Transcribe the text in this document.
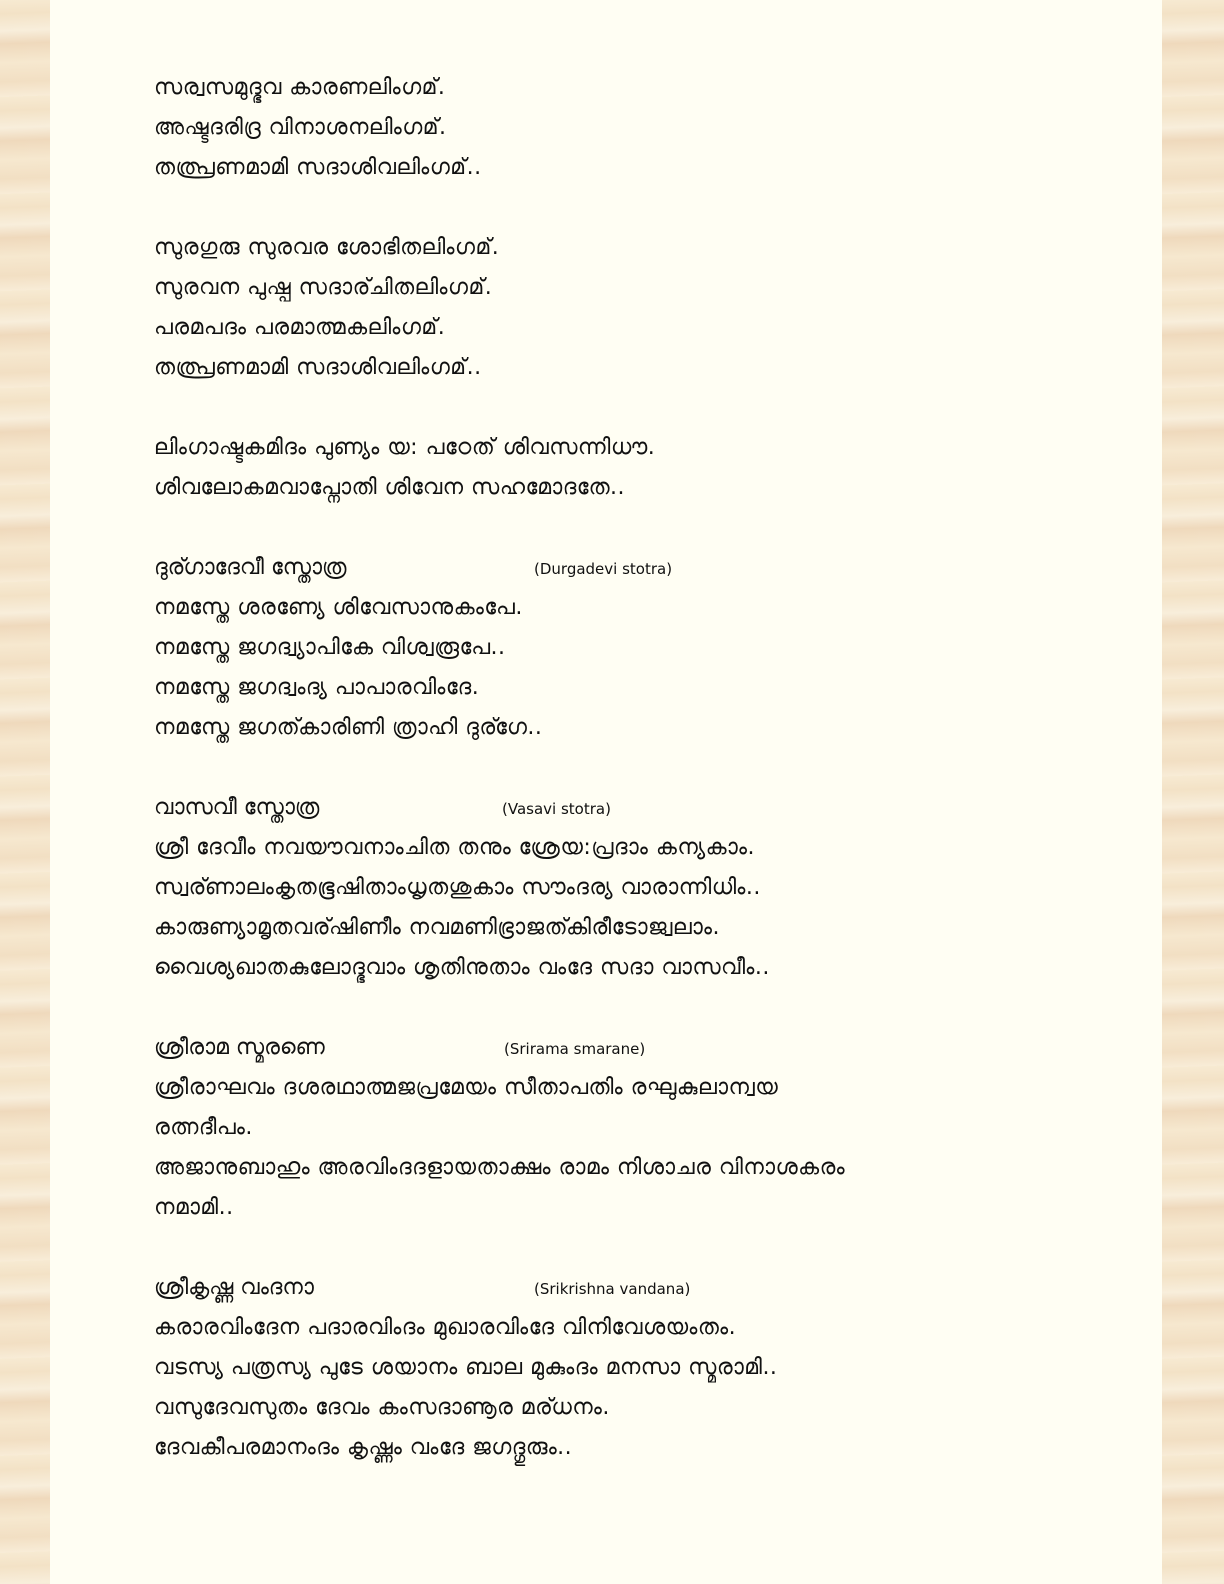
സര്വസമുദ്ഭവ കാരണലിംഗമ്.
അഷ്ടദരിദ്ര വിനാശനലിംഗമ്.
തത്പ്രണമാമി സദാശിവലിംഗമ്..
സുരഗുരു സുരവര ശോഭിതലിംഗമ്.
സുരവന പുഷ്പ സദാര്ചിതലിംഗമ്.
പരമപദം പരമാത്മകലിംഗമ്.
തത്പ്രണമാമി സദാശിവലിംഗമ്..
ലിംഗാഷ്ടകമിദം പുണ്യം യ: പഠേത് ശിവസന്നിധൗ.
ശിവലോകമവാപ്നോതി ശിവേന സഹമോദതേ..
ദുര്ഗാദേവീ സ്തോത്ര	(Durgadevi stotra)
നമസ്തേ ശരണ്യേ ശിവേസാനുകംപേ.
നമസ്തേ ജഗദ്വ്യാപികേ വിശ്വരൂപേ..
നമസ്തേ ജഗദ്വംദ്യ പാപാരവിംദേ.
നമസ്തേ ജഗത്കാരിണി ത്രാഹി ദുര്ഗേ..
വാസവീ സ്തോത്ര	(Vasavi stotra)
ശ്രീ ദേവീം നവയൗവനാംചിത തനും ശ്രേയ:പ്രദാം കന്യകാം.
സ്വര്ണാലംകൃതഭൂഷിതാംധൃതശുകാം സൗംദര്യ വാരാന്നിധിം..
കാരുണ്യാമൃതവര്ഷിണീം നവമണിഭ്രാജത്കിരീടോജ്വലാം.
വൈശ്യഖാതകുലോദ്ഭവാം ശൃതിനുതാം വംദേ സദാ വാസവീം..
ശ്രീരാമ സ്മരണെ	(Srirama smarane)
ശ്രീരാഘവം ദശരഥാത്മജപ്രമേയം സീതാപതിം രഘുകുലാന്വയ
രത്നദീപം.
അജാനുബാഹും അരവിംദദളായതാക്ഷം രാമം നിശാചര വിനാശകരം
നമാമി..
ശ്രീകൃഷ്ണ വംദനാ	(Srikrishna vandana)
കരാരവിംദേന പദാരവിംദം മുഖാരവിംദേ വിനിവേശയംതം.
വടസ്യ പത്രസ്യ പുടേ ശയാനം ബാല മുകുംദം മനസാ സ്മരാമി..
വസുദേവസുതം ദേവം കംസദാണൂര മര്ധനം.
ദേവകീപരമാനംദം കൃഷ്ണം വംദേ ജഗദ്ഗുരും..
